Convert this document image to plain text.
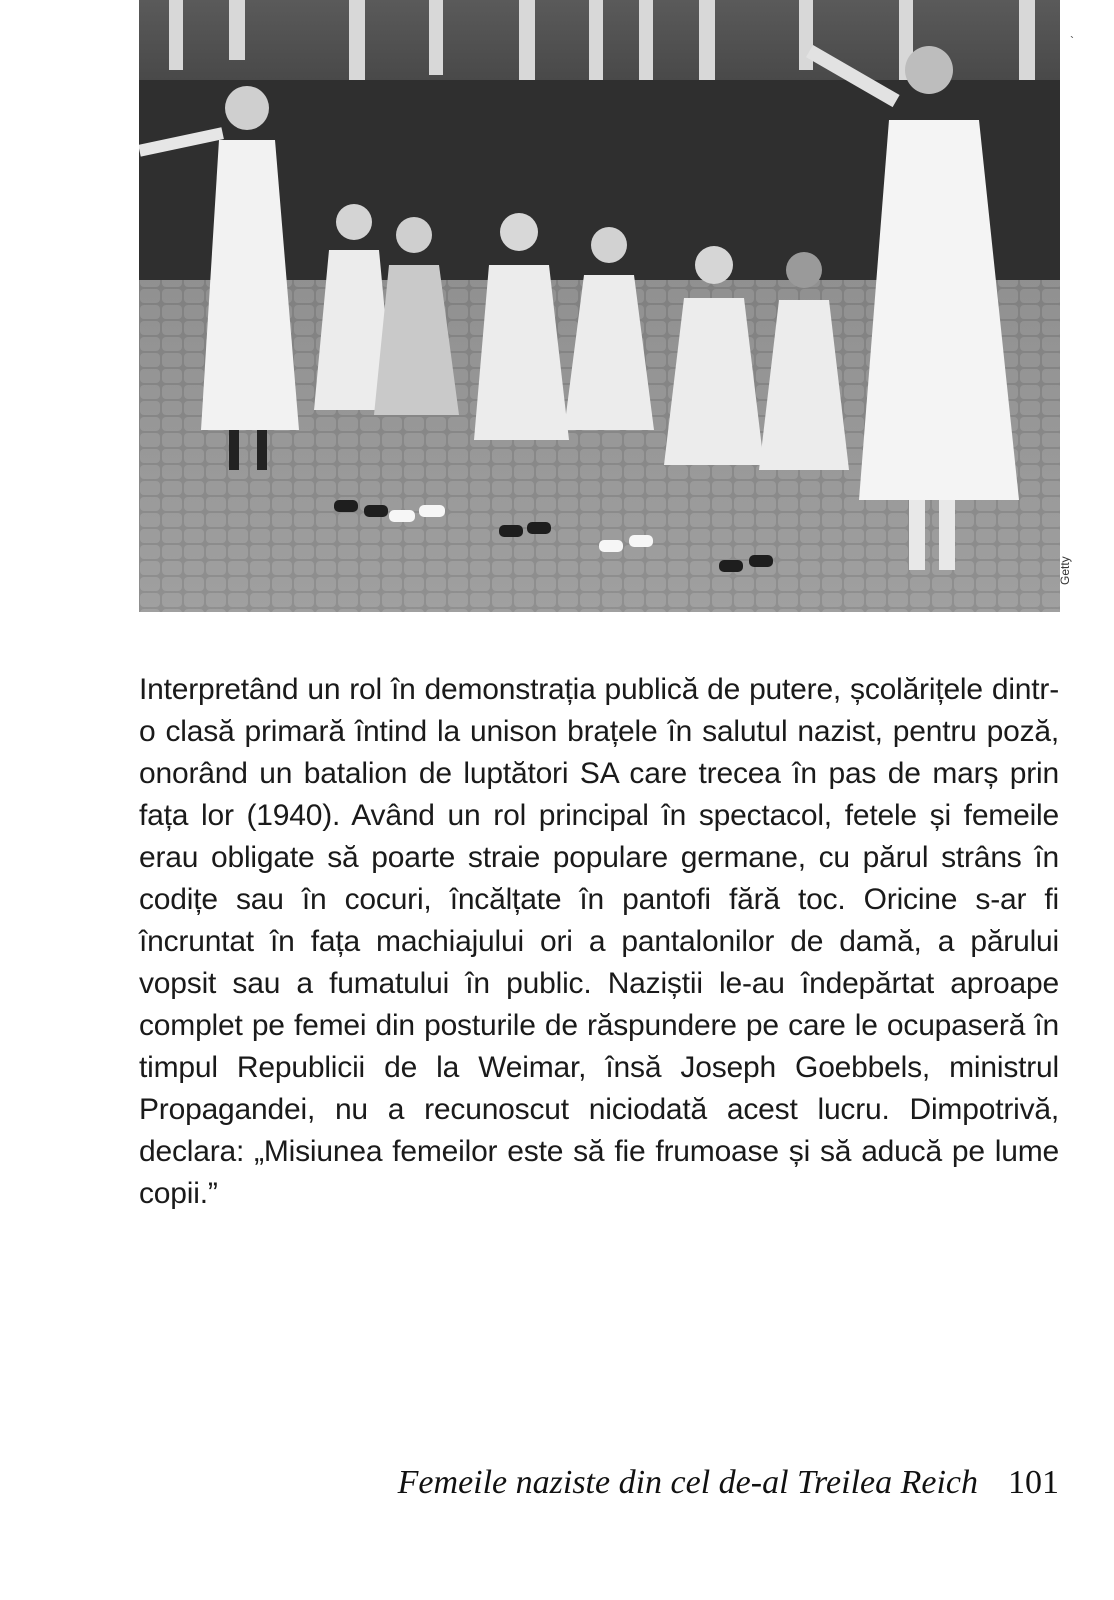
`
Getty

Interpretând un rol în demonstrația publică de putere, școlărițele dintr-o clasă primară întind la unison brațele în salutul nazist, pentru poză, onorând un batalion de luptători SA care trecea în pas de marș prin fața lor (1940). Având un rol principal în spectacol, fetele și femeile erau obligate să poarte straie populare germane, cu părul strâns în codițe sau în cocuri, încălțate în pantofi fără toc. Oricine s-ar fi încruntat în fața machiajului ori a pantalonilor de damă, a părului vopsit sau a fumatului în public. Naziștii le-au îndepărtat aproape complet pe femei din posturile de răspundere pe care le ocupaseră în timpul Republicii de la Weimar, însă Joseph Goebbels, ministrul Propagandei, nu a recunoscut niciodată acest lucru. Dimpotrivă, declara: „Misiunea femeilor este să fie frumoase și să aducă pe lume copii.”

Femeile naziste din cel de-al Treilea Reich 101
